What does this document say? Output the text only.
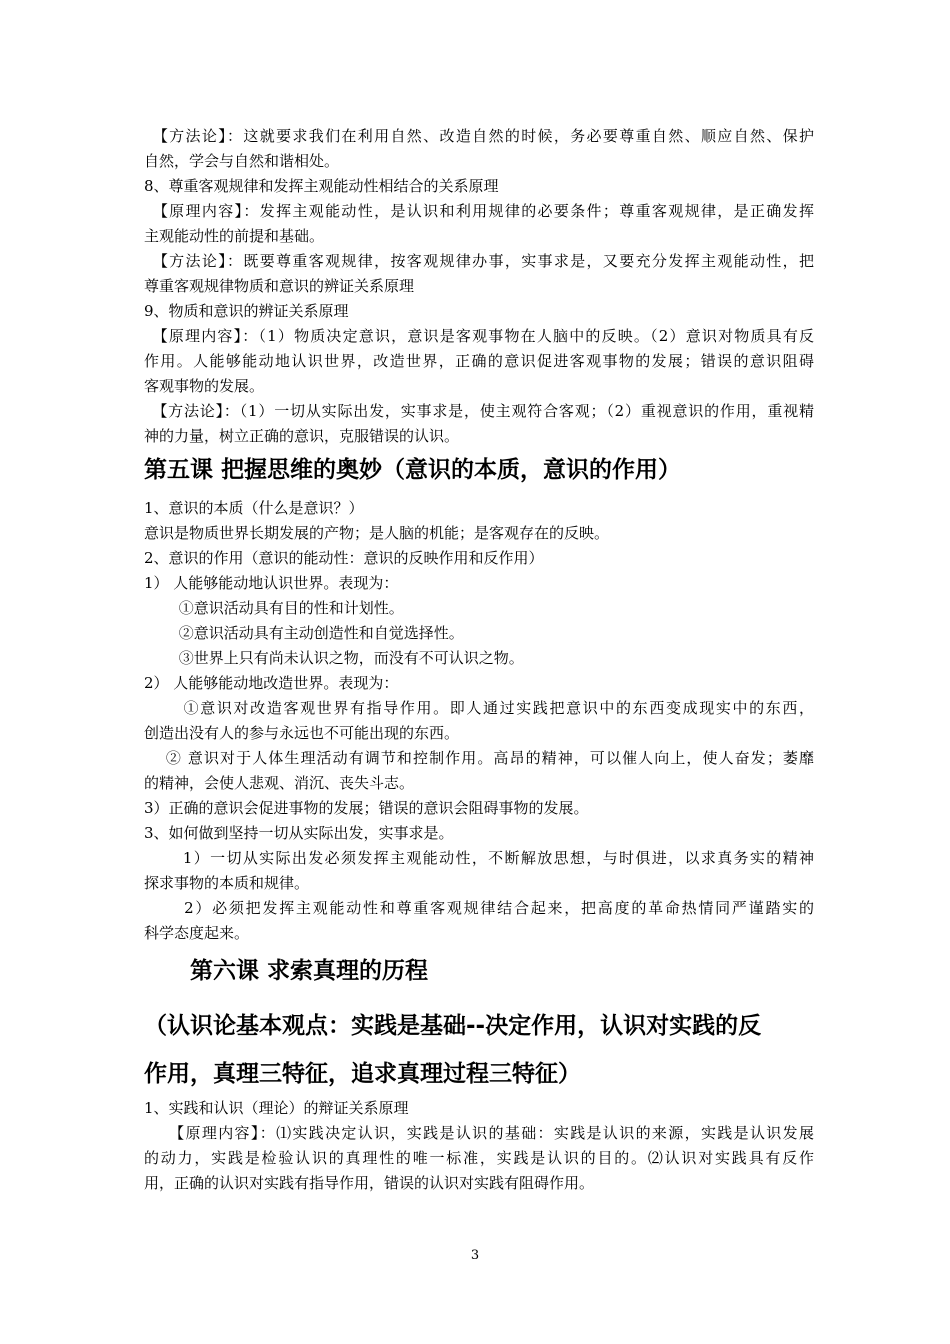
　【方法论】：这就要求我们在利用自然、改造自然的时候，务必要尊重自然、顺应自然、保护
自然，学会与自然和谐相处。
8、尊重客观规律和发挥主观能动性相结合的关系原理
　【原理内容】：发挥主观能动性，是认识和利用规律的必要条件；尊重客观规律，是正确发挥
主观能动性的前提和基础。
　【方法论】：既要尊重客观规律，按客观规律办事，实事求是，又要充分发挥主观能动性，把
尊重客观规律物质和意识的辨证关系原理
9、物质和意识的辨证关系原理
　【原理内容】：（1）物质决定意识，意识是客观事物在人脑中的反映。（2）意识对物质具有反
作用。人能够能动地认识世界，改造世界，正确的意识促进客观事物的发展；错误的意识阻碍
客观事物的发展。
　【方法论】：（1）一切从实际出发，实事求是，使主观符合客观；（2）重视意识的作用，重视精
神的力量，树立正确的意识，克服错误的认识。
第五课 把握思维的奥妙（意识的本质，意识的作用）
1、意识的本质（什么是意识？）
意识是物质世界长期发展的产物；是人脑的机能；是客观存在的反映。
2、意识的作用（意识的能动性：意识的反映作用和反作用）
1） 人能够能动地认识世界。表现为：
　　 ①意识活动具有目的性和计划性。
　　 ②意识活动具有主动创造性和自觉选择性。
　　 ③世界上只有尚未认识之物，而没有不可认识之物。
2） 人能够能动地改造世界。表现为：
　　 ①意识对改造客观世界有指导作用。即人通过实践把意识中的东西变成现实中的东西，
创造出没有人的参与永远也不可能出现的东西。
　 ② 意识对于人体生理活动有调节和控制作用。高昂的精神，可以催人向上，使人奋发；萎靡
的精神，会使人悲观、消沉、丧失斗志。
3）正确的意识会促进事物的发展；错误的意识会阻碍事物的发展。
3、如何做到坚持一切从实际出发，实事求是。
　　 1）一切从实际出发必须发挥主观能动性，不断解放思想，与时俱进，以求真务实的精神
探求事物的本质和规律。
　　 2）必须把发挥主观能动性和尊重客观规律结合起来，把高度的革命热情同严谨踏实的
科学态度起来。
第六课 求索真理的历程
（认识论基本观点：实践是基础--决定作用，认识对实践的反
作用，真理三特征，追求真理过程三特征）
1、实践和认识（理论）的辩证关系原理
　　【原理内容】：⑴实践决定认识，实践是认识的基础：实践是认识的来源，实践是认识发展
的动力，实践是检验认识的真理性的唯一标准，实践是认识的目的。⑵认识对实践具有反作
用，正确的认识对实践有指导作用，错误的认识对实践有阻碍作用。
3
